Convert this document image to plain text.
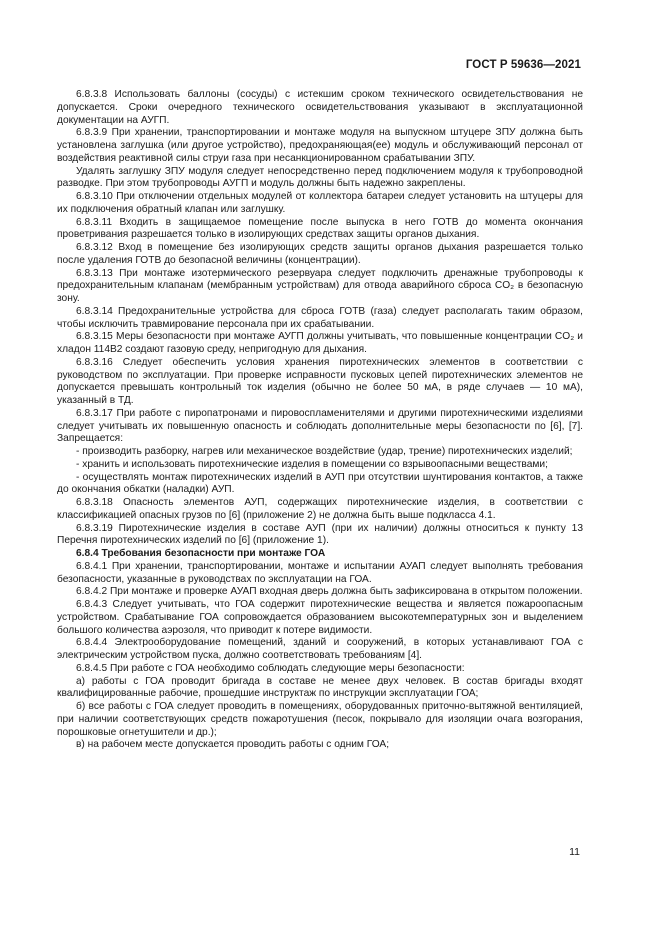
ГОСТ Р 59636—2021

6.8.3.8 Использовать баллоны (сосуды) с истекшим сроком технического освидетельствования не допускается. Сроки очередного технического освидетельствования указывают в эксплуатационной документации на АУГП.

6.8.3.9 При хранении, транспортировании и монтаже модуля на выпускном штуцере ЗПУ должна быть установлена заглушка (или другое устройство), предохраняющая(ее) модуль и обслуживающий персонал от воздействия реактивной силы струи газа при несанкционированном срабатывании ЗПУ.

Удалять заглушку ЗПУ модуля следует непосредственно перед подключением модуля к трубопроводной разводке. При этом трубопроводы АУГП и модуль должны быть надежно закреплены.

6.8.3.10 При отключении отдельных модулей от коллектора батареи следует установить на штуцеры для их подключения обратный клапан или заглушку.

6.8.3.11 Входить в защищаемое помещение после выпуска в него ГОТВ до момента окончания проветривания разрешается только в изолирующих средствах защиты органов дыхания.

6.8.3.12 Вход в помещение без изолирующих средств защиты органов дыхания разрешается только после удаления ГОТВ до безопасной величины (концентрации).

6.8.3.13 При монтаже изотермического резервуара следует подключить дренажные трубопроводы к предохранительным клапанам (мембранным устройствам) для отвода аварийного сброса CO₂ в безопасную зону.

6.8.3.14 Предохранительные устройства для сброса ГОТВ (газа) следует располагать таким образом, чтобы исключить травмирование персонала при их срабатывании.

6.8.3.15 Меры безопасности при монтаже АУГП должны учитывать, что повышенные концентрации CO₂ и хладон 114В2 создают газовую среду, непригодную для дыхания.

6.8.3.16 Следует обеспечить условия хранения пиротехнических элементов в соответствии с руководством по эксплуатации. При проверке исправности пусковых цепей пиротехнических элементов не допускается превышать контрольный ток изделия (обычно не более 50 мА, в ряде случаев — 10 мА), указанный в ТД.

6.8.3.17 При работе с пиропатронами и пировоспламенителями и другими пиротехническими изделиями следует учитывать их повышенную опасность и соблюдать дополнительные меры безопасности по [6], [7]. Запрещается:

- производить разборку, нагрев или механическое воздействие (удар, трение) пиротехнических изделий;

- хранить и использовать пиротехнические изделия в помещении со взрывоопасными веществами;

- осуществлять монтаж пиротехнических изделий в АУП при отсутствии шунтирования контактов, а также до окончания обкатки (наладки) АУП.

6.8.3.18 Опасность элементов АУП, содержащих пиротехнические изделия, в соответствии с классификацией опасных грузов по [6] (приложение 2) не должна быть выше подкласса 4.1.

6.8.3.19 Пиротехнические изделия в составе АУП (при их наличии) должны относиться к пункту 13 Перечня пиротехнических изделий по [6] (приложение 1).

6.8.4 Требования безопасности при монтаже ГОА

6.8.4.1 При хранении, транспортировании, монтаже и испытании АУАП следует выполнять требования безопасности, указанные в руководствах по эксплуатации на ГОА.

6.8.4.2 При монтаже и проверке АУАП входная дверь должна быть зафиксирована в открытом положении.

6.8.4.3 Следует учитывать, что ГОА содержит пиротехнические вещества и является пожароопасным устройством. Срабатывание ГОА сопровождается образованием высокотемпературных зон и выделением большого количества аэрозоля, что приводит к потере видимости.

6.8.4.4 Электрооборудование помещений, зданий и сооружений, в которых устанавливают ГОА с электрическим устройством пуска, должно соответствовать требованиям [4].

6.8.4.5 При работе с ГОА необходимо соблюдать следующие меры безопасности:

а) работы с ГОА проводит бригада в составе не менее двух человек. В состав бригады входят квалифицированные рабочие, прошедшие инструктаж по инструкции эксплуатации ГОА;

б) все работы с ГОА следует проводить в помещениях, оборудованных приточно-вытяжной вентиляцией, при наличии соответствующих средств пожаротушения (песок, покрывало для изоляции очага возгорания, порошковые огнетушители и др.);

в) на рабочем месте допускается проводить работы с одним ГОА;

11
